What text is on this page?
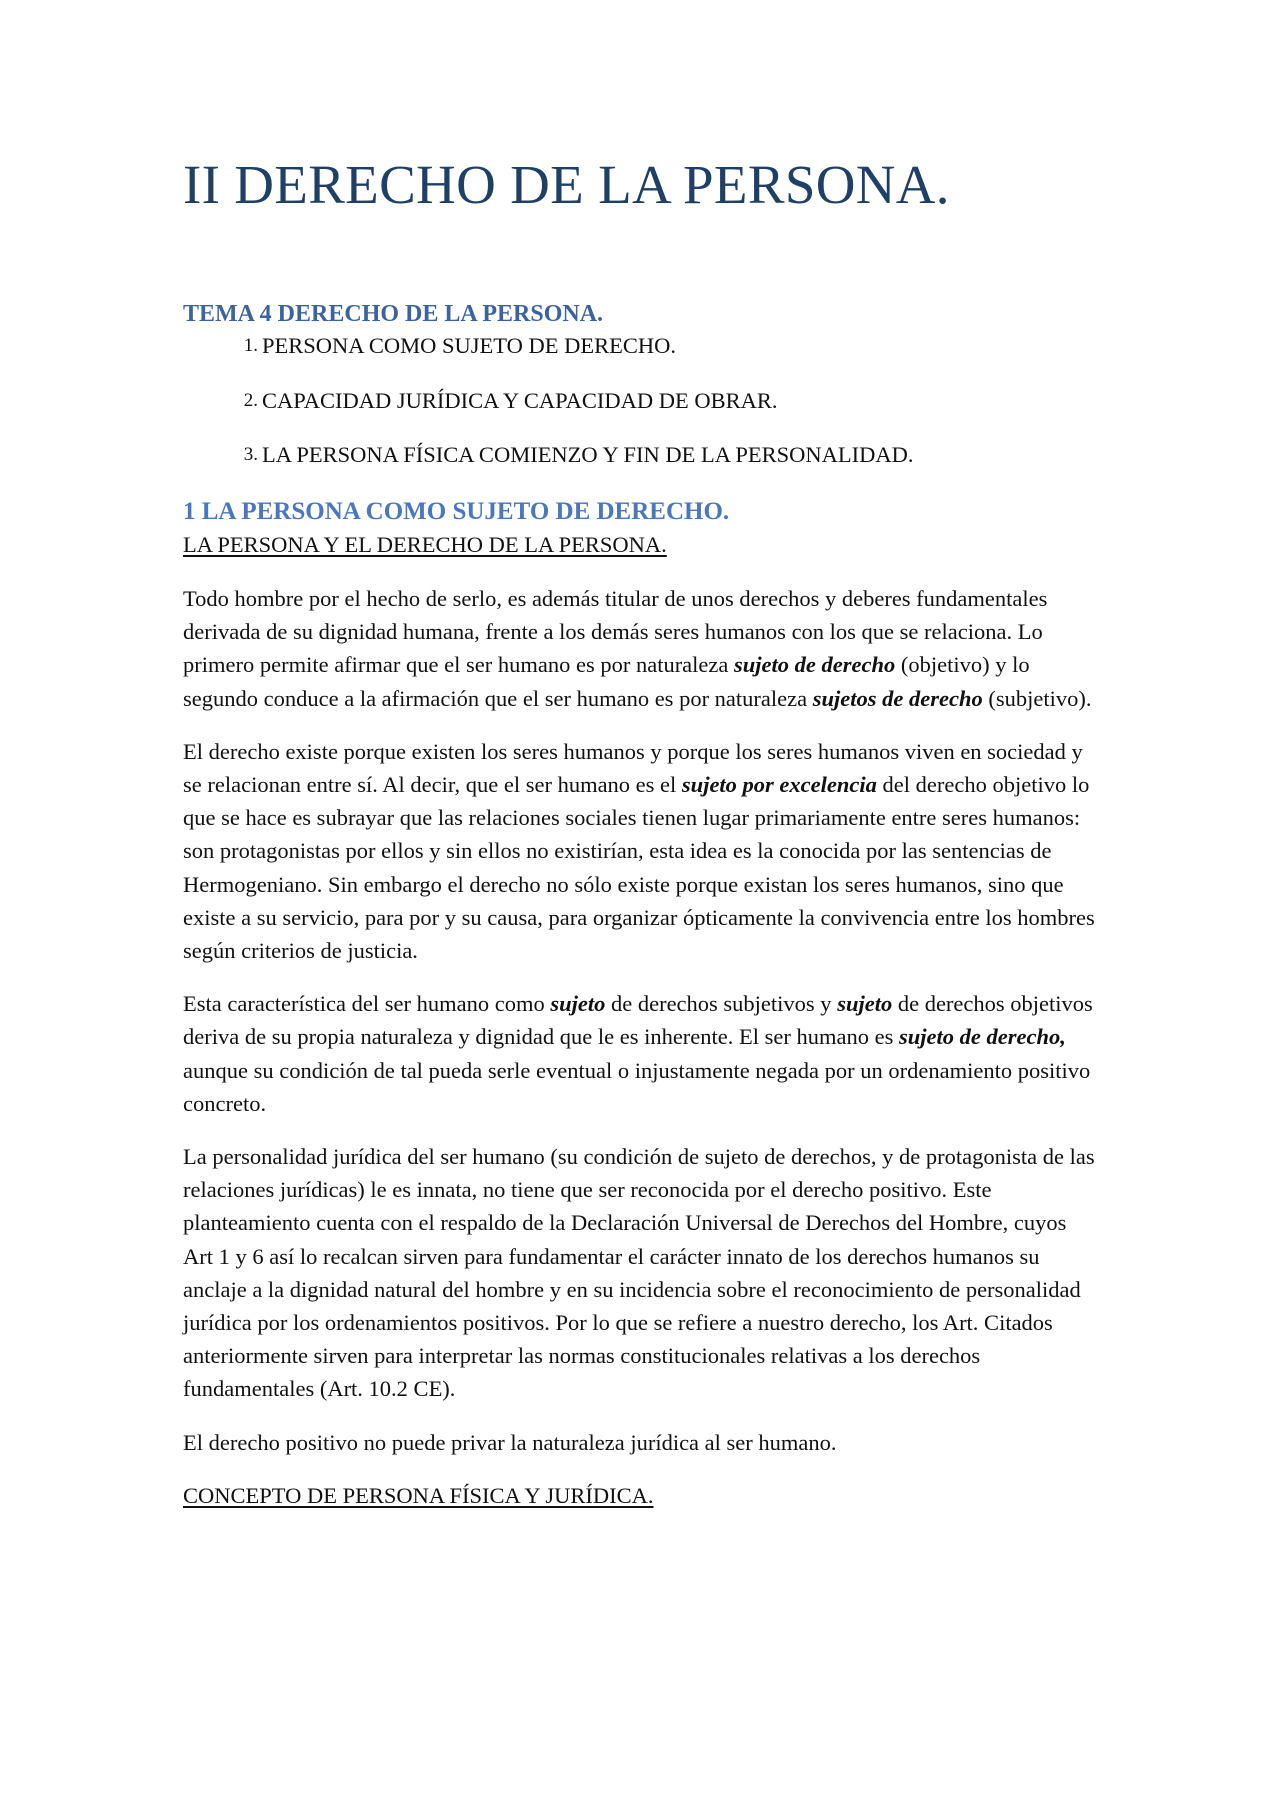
II DERECHO DE LA PERSONA.
TEMA 4 DERECHO DE LA PERSONA.
1. PERSONA COMO SUJETO DE DERECHO.
2. CAPACIDAD JURÍDICA Y CAPACIDAD DE OBRAR.
3. LA PERSONA FÍSICA COMIENZO Y FIN DE LA PERSONALIDAD.
1 LA PERSONA COMO SUJETO DE DERECHO.
LA PERSONA Y EL DERECHO DE LA PERSONA.

Todo hombre por el hecho de serlo, es además titular de unos derechos y deberes fundamentales derivada de su dignidad humana, frente a los demás seres humanos con los que se relaciona. Lo primero permite afirmar que el ser humano es por naturaleza sujeto de derecho (objetivo) y lo segundo conduce a la afirmación que el ser humano es por naturaleza sujetos de derecho (subjetivo).

El derecho existe porque existen los seres humanos y porque los seres humanos viven en sociedad y se relacionan entre sí. Al decir, que el ser humano es el sujeto por excelencia del derecho objetivo lo que se hace es subrayar que las relaciones sociales tienen lugar primariamente entre seres humanos: son protagonistas por ellos y sin ellos no existirían, esta idea es la conocida por las sentencias de Hermogeniano. Sin embargo el derecho no sólo existe porque existan los seres humanos, sino que existe a su servicio, para por y su causa, para organizar ópticamente la convivencia entre los hombres según criterios de justicia.

Esta característica del ser humano como sujeto de derechos subjetivos y sujeto de derechos objetivos deriva de su propia naturaleza y dignidad que le es inherente. El ser humano es sujeto de derecho, aunque su condición de tal pueda serle eventual o injustamente negada por un ordenamiento positivo concreto.

La personalidad jurídica del ser humano (su condición de sujeto de derechos, y de protagonista de las relaciones jurídicas) le es innata, no tiene que ser reconocida por el derecho positivo. Este planteamiento cuenta con el respaldo de la Declaración Universal de Derechos del Hombre, cuyos Art 1 y 6 así lo recalcan sirven para fundamentar el carácter innato de los derechos humanos su anclaje a la dignidad natural del hombre y en su incidencia sobre el reconocimiento de personalidad jurídica por los ordenamientos positivos. Por lo que se refiere a nuestro derecho, los Art. Citados anteriormente sirven para interpretar las normas constitucionales relativas a los derechos fundamentales (Art. 10.2 CE).

El derecho positivo no puede privar la naturaleza jurídica al ser humano.

CONCEPTO DE PERSONA FÍSICA Y JURÍDICA.
